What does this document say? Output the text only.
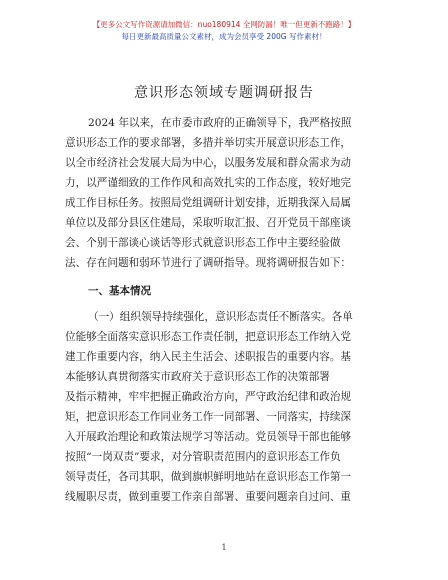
【更多公文写作资源请加微信：nuo180914 全网防漏！唯一但更新不跑路！】
每日更新最高质量公文素材，成为会员享受 200G 写作素材！
意识形态领域专题调研报告
2024 年以来，在市委市政府的正确领导下，我严格按照
意识形态工作的要求部署，多措并举切实开展意识形态工作，
以全市经济社会发展大局为中心，以服务发展和群众需求为动
力，以严谨细致的工作作风和高效扎实的工作态度，较好地完
成工作目标任务。按照局党组调研计划安排，近期我深入局属
单位以及部分县区住建局，采取听取汇报、召开党员干部座谈
会、个别干部谈心谈话等形式就意识形态工作中主要经验做
法、存在问题和弱环节进行了调研指导。现将调研报告如下：
一、基本情况
（一）组织领导持续强化，意识形态责任不断落实。各单
位能够全面落实意识形态工作责任制，把意识形态工作纳入党
建工作重要内容，纳入民主生活会、述职报告的重要内容。基
本能够认真贯彻落实市政府关于意识形态工作的决策部署
及指示精神，牢牢把握正确政治方向，严守政治纪律和政治规
矩，把意识形态工作同业务工作一同部署、一同落实，持续深
入开展政治理论和政策法规学习等活动。党员领导干部也能够
按照“一岗双责”要求，对分管职责范围内的意识形态工作负
领导责任，各司其职，做到旗帜鲜明地站在意识形态工作第一
线履职尽责，做到重要工作亲自部署、重要问题亲自过问、重
1
